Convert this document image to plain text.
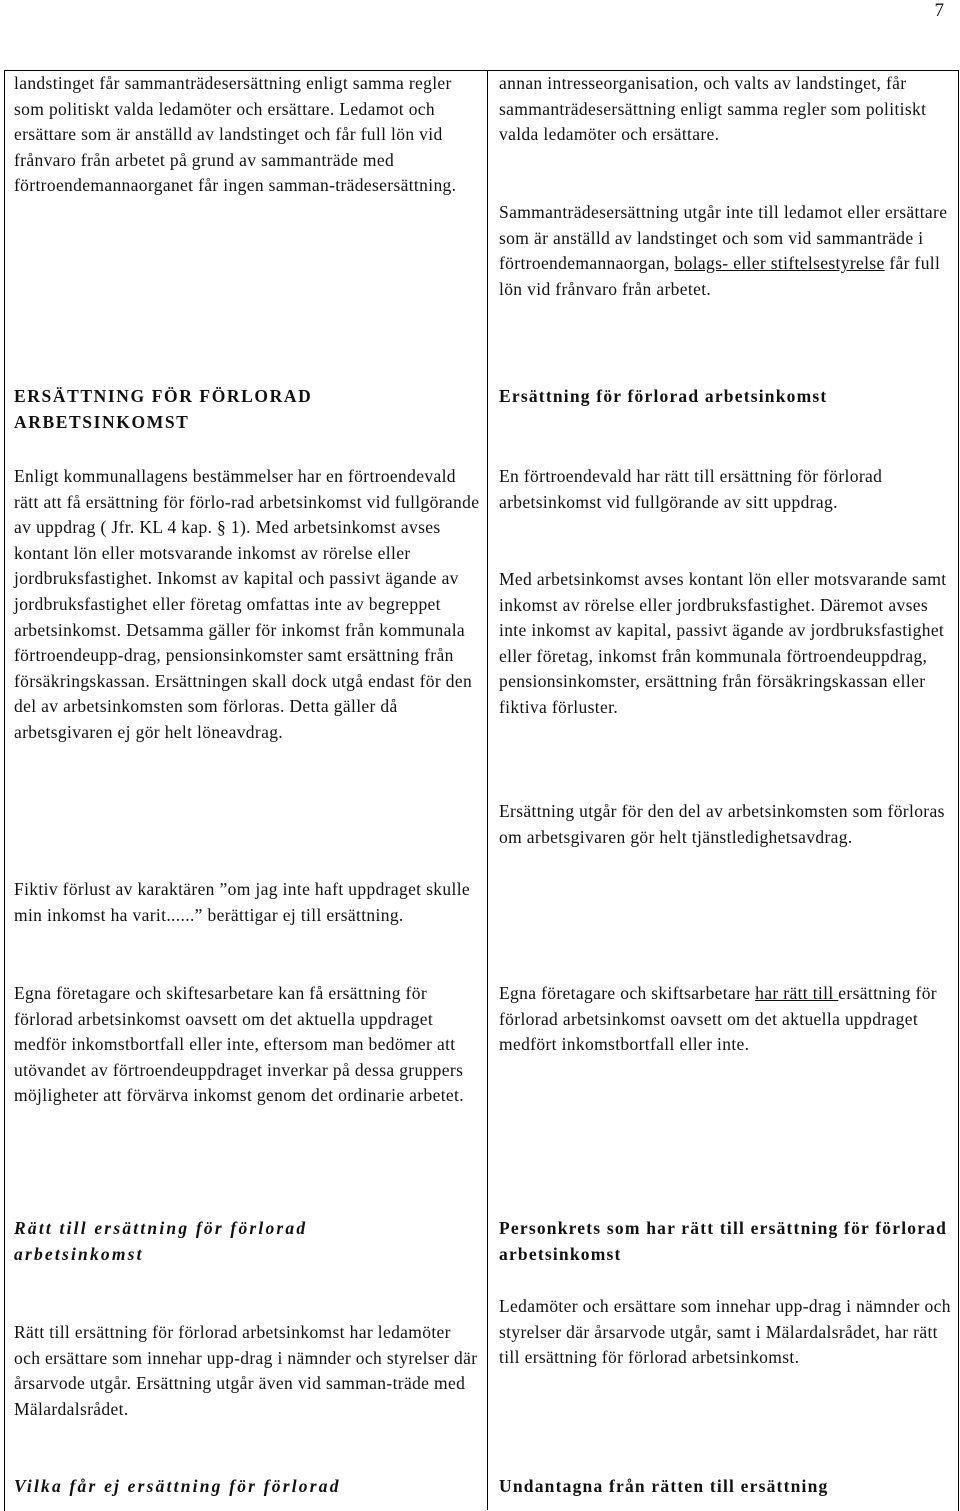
7

landstinget får sammanträdesersättning enligt samma regler som politiskt valda ledamöter och ersättare. Ledamot och ersättare som är anställd av landstinget och får full lön vid frånvaro från arbetet på grund av sammanträde med förtroendemannaorganet får ingen samman-trädesersättning.

ERSÄTTNING FÖR FÖRLORAD ARBETSINKOMST

Enligt kommunallagens bestämmelser har en förtroendevald rätt att få ersättning för förlo-rad arbetsinkomst vid fullgörande av uppdrag ( Jfr. KL 4 kap. § 1). Med arbetsinkomst avses kontant lön eller motsvarande inkomst av rörelse eller jordbruksfastighet. Inkomst av kapital och passivt ägande av jordbruksfastighet eller företag omfattas inte av begreppet arbetsinkomst. Detsamma gäller för inkomst från kommunala förtroendeupp-drag, pensionsinkomster samt ersättning från försäkringskassan. Ersättningen skall dock utgå endast för den del av arbetsinkomsten som förloras. Detta gäller då arbetsgivaren ej gör helt löneavdrag.

Fiktiv förlust av karaktären ”om jag inte haft uppdraget skulle min inkomst ha varit......” berättigar ej till ersättning.

Egna företagare och skiftesarbetare kan få ersättning för förlorad arbetsinkomst oavsett om det aktuella uppdraget medför inkomstbortfall eller inte, eftersom man bedömer att utövandet av förtroendeuppdraget inverkar på dessa gruppers möjligheter att förvärva inkomst genom det ordinarie arbetet.

Rätt till ersättning för förlorad arbetsinkomst

Rätt till ersättning för förlorad arbetsinkomst har ledamöter och ersättare som innehar upp-drag i nämnder och styrelser där årsarvode utgår. Ersättning utgår även vid samman-träde med Mälardalsrådet.

Vilka får ej ersättning för förlorad

annan intresseorganisation, och valts av landstinget, får sammanträdesersättning enligt samma regler som politiskt valda ledamöter och ersättare.

Sammanträdesersättning utgår inte till ledamot eller ersättare som är anställd av landstinget och som vid sammanträde i förtroendemannaorgan, bolags- eller stiftelsestyrelse får full lön vid frånvaro från arbetet.

Ersättning för förlorad arbetsinkomst

En förtroendevald har rätt till ersättning för förlorad arbetsinkomst vid fullgörande av sitt uppdrag.

Med arbetsinkomst avses kontant lön eller motsvarande samt inkomst av rörelse eller jordbruksfastighet. Däremot avses inte inkomst av kapital, passivt ägande av jordbruksfastighet eller företag, inkomst från kommunala förtroendeuppdrag, pensionsinkomster, ersättning från försäkringskassan eller fiktiva förluster.

Ersättning utgår för den del av arbetsinkomsten som förloras om arbetsgivaren gör helt tjänstledighetsavdrag.

Egna företagare och skiftsarbetare har rätt till ersättning för förlorad arbetsinkomst oavsett om det aktuella uppdraget medfört inkomstbortfall eller inte.

Personkrets som har rätt till ersättning för förlorad arbetsinkomst

Ledamöter och ersättare som innehar upp-drag i nämnder och styrelser där årsarvode utgår, samt i Mälardalsrådet, har rätt till ersättning för förlorad arbetsinkomst.

Undantagna från rätten till ersättning
